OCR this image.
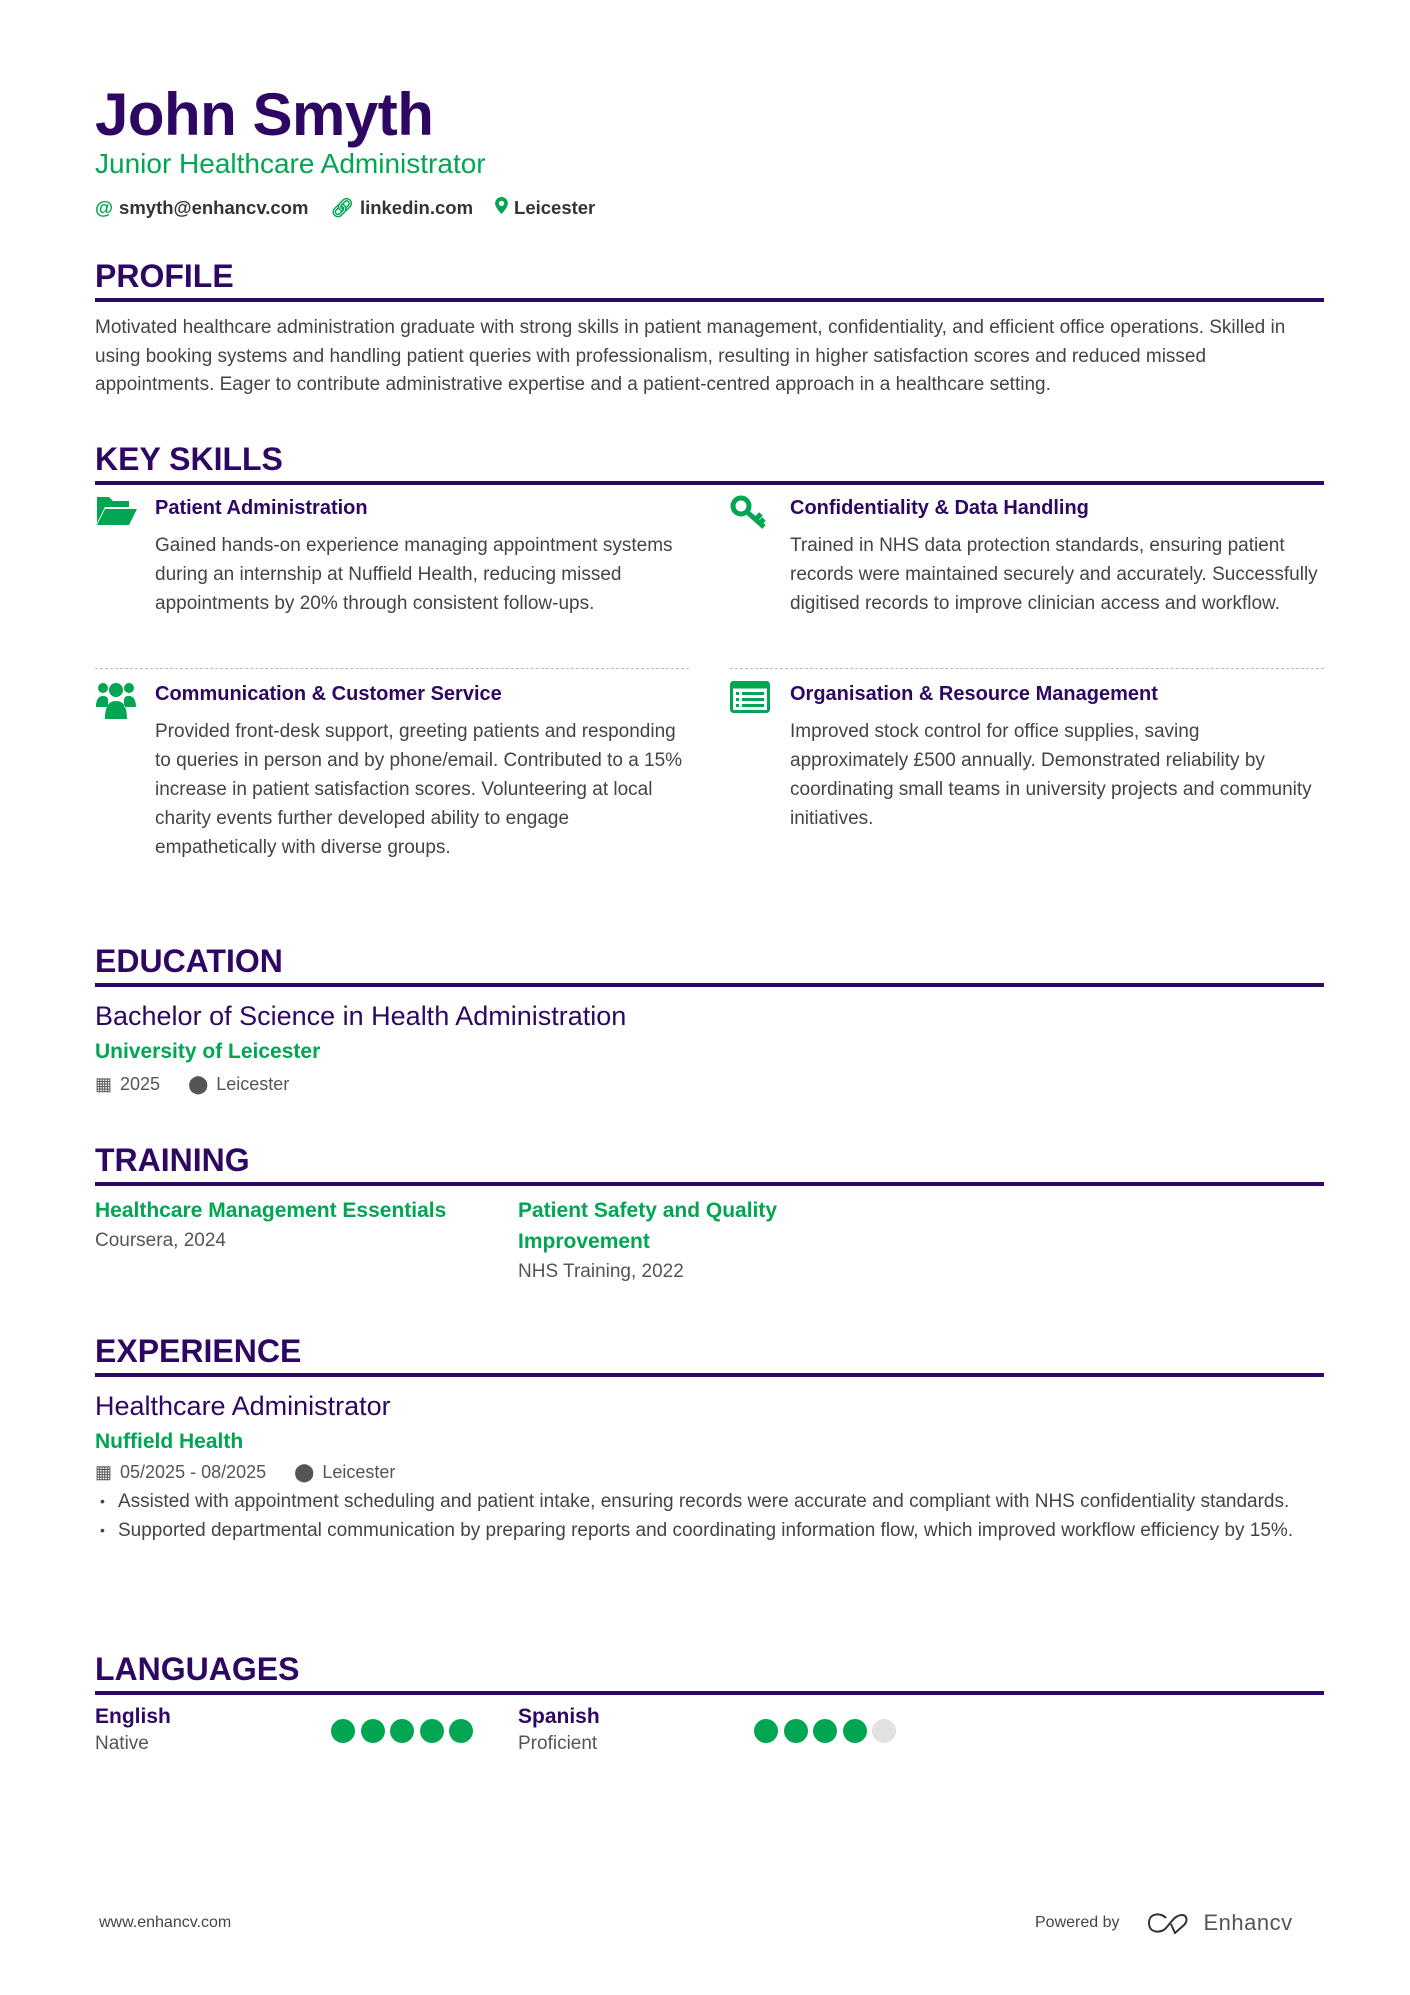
John Smyth
Junior Healthcare Administrator
@ smyth@enhancv.com 🔗︎ linkedin.com	Leicester
PROFILE
Motivated healthcare administration graduate with strong skills in patient management, confidentiality, and efficient office operations. Skilled in using booking systems and handling patient queries with professionalism, resulting in higher satisfaction scores and reduced missed appointments. Eager to contribute administrative expertise and a patient-centred approach in a healthcare setting.
KEY SKILLS
Patient Administration
Gained hands-on experience managing appointment systems during an internship at Nuffield Health, reducing missed appointments by 20% through consistent follow-ups.
Confidentiality & Data Handling
Trained in NHS data protection standards, ensuring patient records were maintained securely and accurately. Successfully digitised records to improve clinician access and workflow.
Communication & Customer Service
Provided front-desk support, greeting patients and responding to queries in person and by phone/email. Contributed to a 15% increase in patient satisfaction scores. Volunteering at local charity events further developed ability to engage empathetically with diverse groups.
Organisation & Resource Management
Improved stock control for office supplies, saving approximately £500 annually. Demonstrated reliability by coordinating small teams in university projects and community initiatives.
EDUCATION
Bachelor of Science in Health Administration
University of Leicester
▦ 2025 ⬤ Leicester
TRAINING
Healthcare Management Essentials
Coursera, 2024
Patient Safety and Quality Improvement
NHS Training, 2022
EXPERIENCE
Healthcare Administrator
Nuffield Health
▦ 05/2025 - 08/2025 ⬤ Leicester
• Assisted with appointment scheduling and patient intake, ensuring records were accurate and compliant with NHS confidentiality standards.
• Supported departmental communication by preparing reports and coordinating information flow, which improved workflow efficiency by 15%.
LANGUAGES
English
Native
Spanish
Proficient
www.enhancv.com	Powered by	Enhancv
